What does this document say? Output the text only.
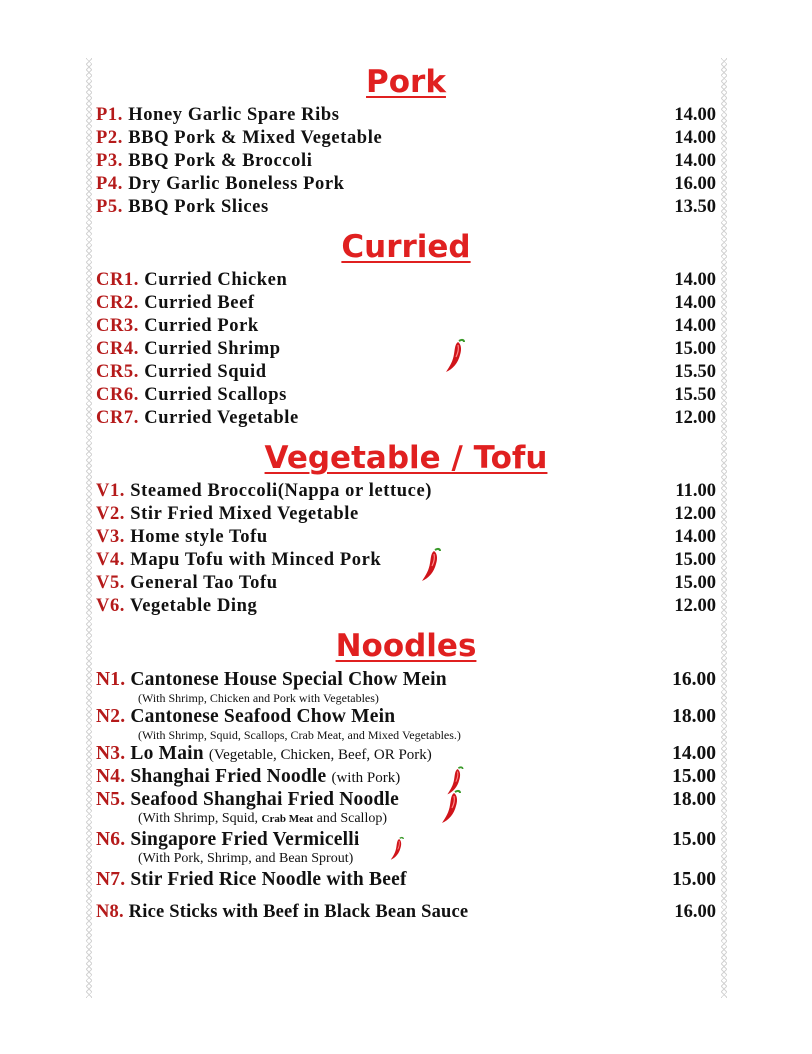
Pork
P1. Honey Garlic Spare Ribs	14.00
P2. BBQ Pork & Mixed Vegetable	14.00
P3. BBQ Pork & Broccoli	14.00
P4. Dry Garlic Boneless Pork	16.00
P5. BBQ Pork Slices	13.50
Curried
CR1. Curried Chicken	14.00
CR2. Curried Beef	14.00
CR3. Curried Pork	14.00
CR4. Curried Shrimp	15.00
CR5. Curried Squid	15.50
CR6. Curried Scallops	15.50
CR7. Curried Vegetable	12.00
Vegetable / Tofu
V1. Steamed Broccoli(Nappa or lettuce)	11.00
V2. Stir Fried Mixed Vegetable	12.00
V3. Home style Tofu	14.00
V4. Mapu Tofu with Minced Pork	15.00
V5. General Tao Tofu	15.00
V6. Vegetable Ding	12.00
Noodles
N1. Cantonese House Special Chow Mein	16.00
(With Shrimp, Chicken and Pork with Vegetables)
N2. Cantonese Seafood Chow Mein	18.00
(With Shrimp, Squid, Scallops, Crab Meat, and Mixed Vegetables.)
N3. Lo Main (Vegetable, Chicken, Beef, OR Pork)	14.00
N4. Shanghai Fried Noodle (with Pork)	15.00
N5. Seafood Shanghai Fried Noodle	18.00
(With Shrimp, Squid, Crab Meat and Scallop)
N6. Singapore Fried Vermicelli	15.00
(With Pork, Shrimp, and Bean Sprout)
N7. Stir Fried Rice Noodle with Beef	15.00
N8. Rice Sticks with Beef in Black Bean Sauce	16.00
